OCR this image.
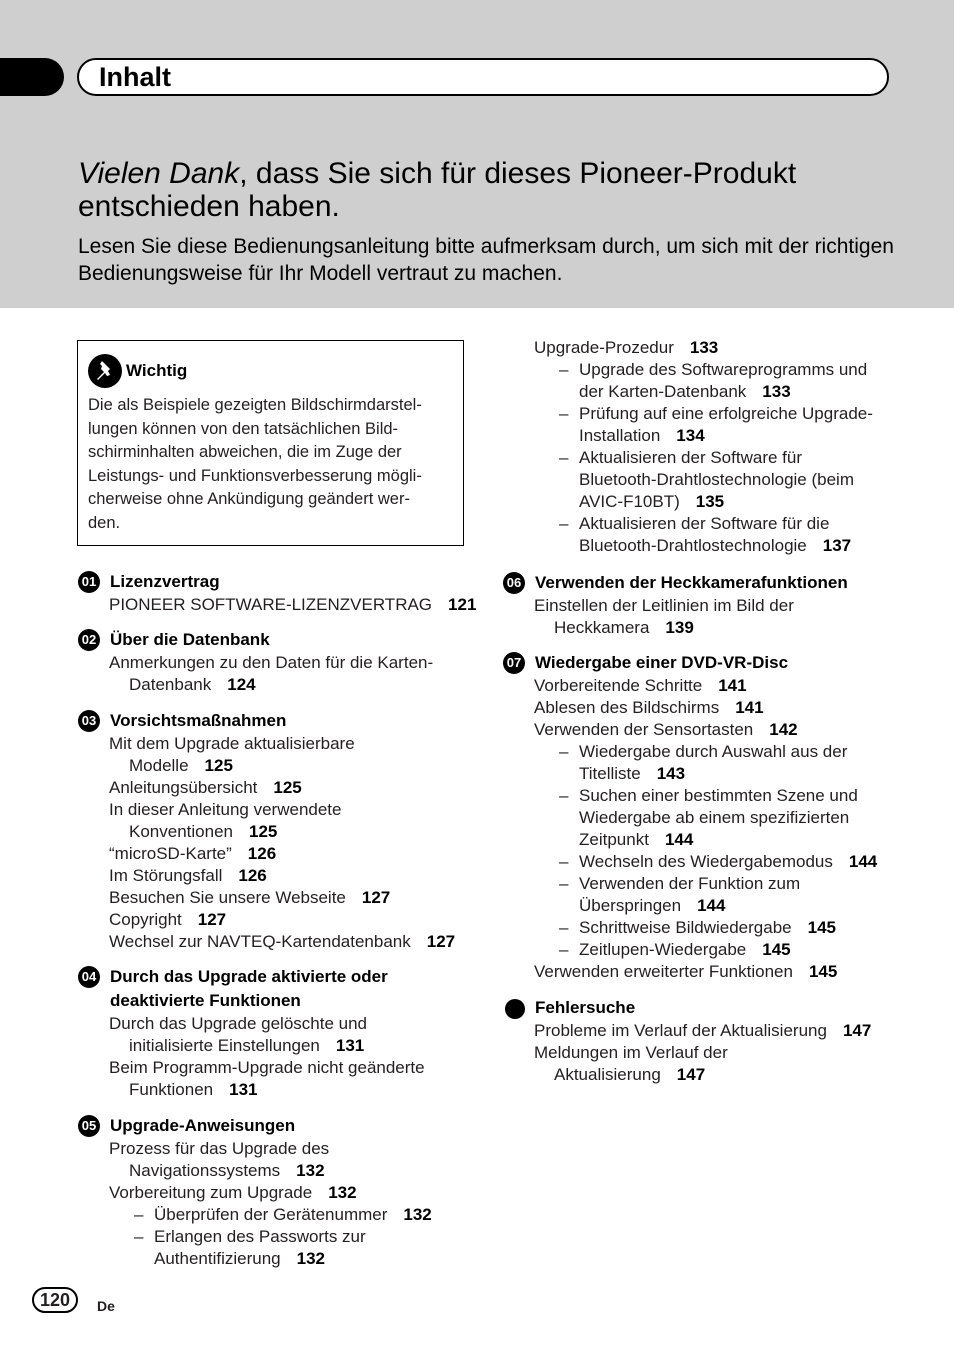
Inhalt
Vielen Dank, dass Sie sich für dieses Pioneer-Produkt entschieden haben.
Lesen Sie diese Bedienungsanleitung bitte aufmerksam durch, um sich mit der richtigen Bedienungsweise für Ihr Modell vertraut zu machen.
Wichtig
Die als Beispiele gezeigten Bildschirmdarstel-
lungen können von den tatsächlichen Bild-
schirminhalten abweichen, die im Zuge der
Leistungs- und Funktionsverbesserung mögli-
cherweise ohne Ankündigung geändert wer-
den.
01 Lizenzvertrag
PIONEER SOFTWARE-LIZENZVERTRAG 121
02 Über die Datenbank
Anmerkungen zu den Daten für die Karten-
Datenbank 124
03 Vorsichtsmaßnahmen
Mit dem Upgrade aktualisierbare
Modelle 125
Anleitungsübersicht 125
In dieser Anleitung verwendete
Konventionen 125
“microSD-Karte” 126
Im Störungsfall 126
Besuchen Sie unsere Webseite 127
Copyright 127
Wechsel zur NAVTEQ-Kartendatenbank 127
04 Durch das Upgrade aktivierte oder
deaktivierte Funktionen
Durch das Upgrade gelöschte und
initialisierte Einstellungen 131
Beim Programm-Upgrade nicht geänderte
Funktionen 131
05 Upgrade-Anweisungen
Prozess für das Upgrade des
Navigationssystems 132
Vorbereitung zum Upgrade 132
– Überprüfen der Gerätenummer 132
– Erlangen des Passworts zur
Authentifizierung 132
Upgrade-Prozedur 133
– Upgrade des Softwareprogramms und
der Karten-Datenbank 133
– Prüfung auf eine erfolgreiche Upgrade-
Installation 134
– Aktualisieren der Software für
Bluetooth-Drahtlostechnologie (beim
AVIC-F10BT) 135
– Aktualisieren der Software für die
Bluetooth-Drahtlostechnologie 137
06 Verwenden der Heckkamerafunktionen
Einstellen der Leitlinien im Bild der
Heckkamera 139
07 Wiedergabe einer DVD-VR-Disc
Vorbereitende Schritte 141
Ablesen des Bildschirms 141
Verwenden der Sensortasten 142
– Wiedergabe durch Auswahl aus der
Titelliste 143
– Suchen einer bestimmten Szene und
Wiedergabe ab einem spezifizierten
Zeitpunkt 144
– Wechseln des Wiedergabemodus 144
– Verwenden der Funktion zum
Überspringen 144
– Schrittweise Bildwiedergabe 145
– Zeitlupen-Wiedergabe 145
Verwenden erweiterter Funktionen 145
Fehlersuche
Probleme im Verlauf der Aktualisierung 147
Meldungen im Verlauf der
Aktualisierung 147
120	De
